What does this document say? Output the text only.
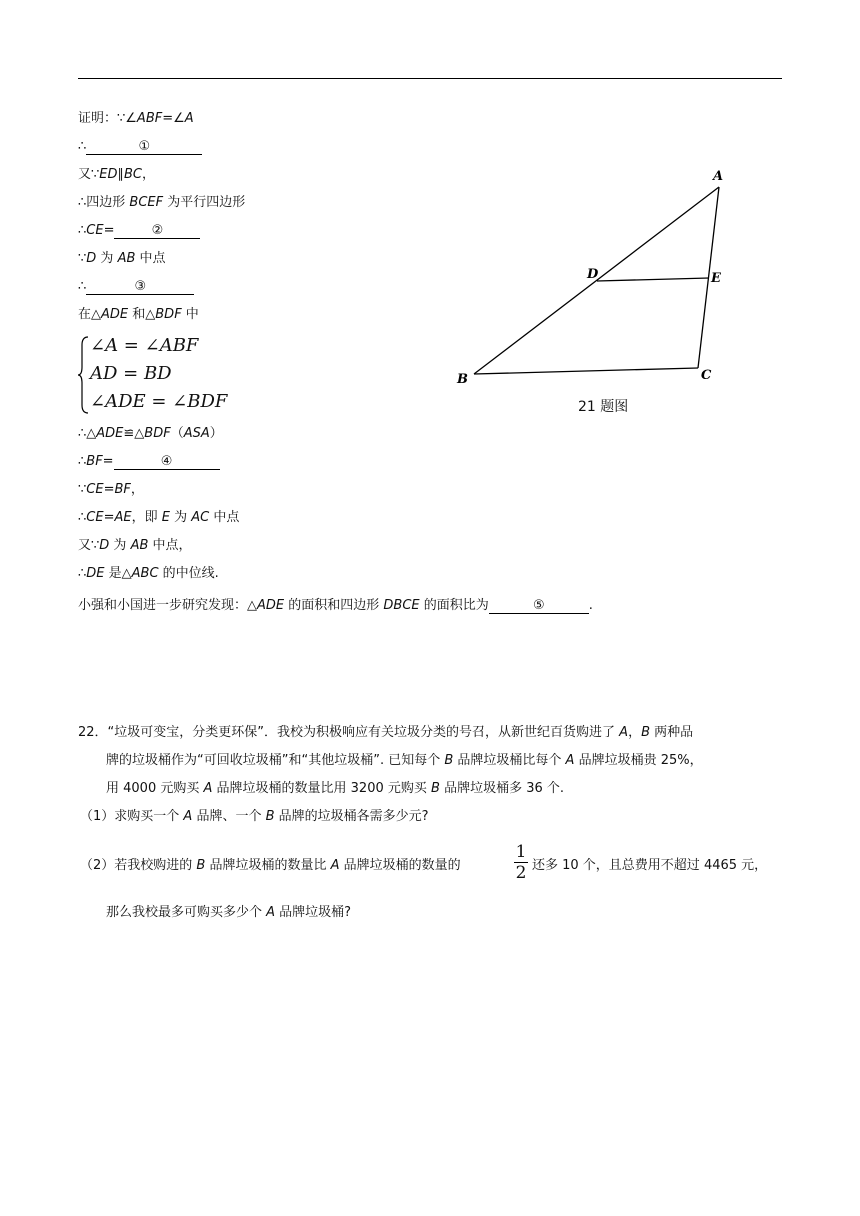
证明：∵∠ABF=∠A
∴	①
又∵ED∥BC，
∴四边形 BCEF 为平行四边形
∴CE=	②
∵D 为 AB 中点
∴	③
在△ADE 和△BDF 中
∠A = ∠ABF
AD = BD
∠ADE = ∠BDF
∴△ADE≌△BDF（ASA）
∴BF=	④
∵CE=BF，
∴CE=AE，即 E 为 AC 中点
又∵D 为 AB 中点，
∴DE 是△ABC 的中位线.
小强和小国进一步研究发现：△ADE 的面积和四边形 DBCE 的面积比为	⑤	.
A
B	C
D	E
21 题图
22．“垃圾可变宝，分类更环保”．我校为积极响应有关垃圾分类的号召，从新世纪百货购进了 A，B 两种品
牌的垃圾桶作为“可回收垃圾桶”和“其他垃圾桶”. 已知每个 B 品牌垃圾桶比每个 A 品牌垃圾桶贵 25%，
用 4000 元购买 A 品牌垃圾桶的数量比用 3200 元购买 B 品牌垃圾桶多 36 个.
（1）求购买一个 A 品牌、一个 B 品牌的垃圾桶各需多少元?
（2）若我校购进的 B 品牌垃圾桶的数量比 A 品牌垃圾桶的数量的
1
2 还多 10 个，且总费用不超过 4465 元，
那么我校最多可购买多少个 A 品牌垃圾桶?
